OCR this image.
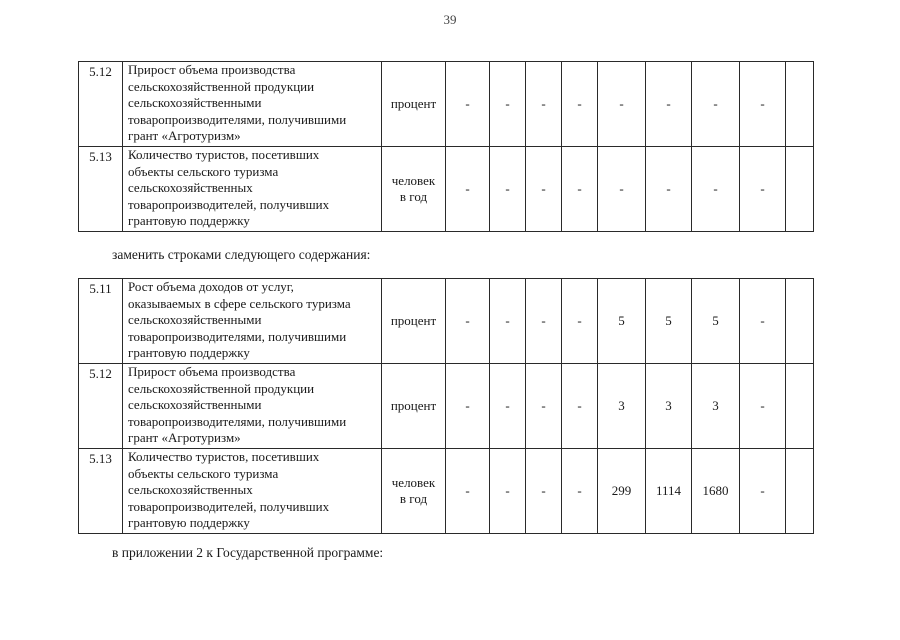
39
5.12	Прирост объема производства
сельскохозяйственной продукции
сельскохозяйственными
товаропроизводителями, получившими
грант «Агротуризм»	процент	-	-	-	-	-	-	-	-	
5.13	Количество туристов, посетивших
объекты сельского туризма
сельскохозяйственных
товаропроизводителей, получивших
грантовую поддержку	человек
в год	-	-	-	-	-	-	-	-	
заменить строками следующего содержания:
5.11	Рост объема доходов от услуг,
оказываемых в сфере сельского туризма
сельскохозяйственными
товаропроизводителями, получившими
грантовую поддержку	процент	-	-	-	-	5	5	5	-	
5.12	Прирост объема производства
сельскохозяйственной продукции
сельскохозяйственными
товаропроизводителями, получившими
грант «Агротуризм»	процент	-	-	-	-	3	3	3	-	
5.13	Количество туристов, посетивших
объекты сельского туризма
сельскохозяйственных
товаропроизводителей, получивших
грантовую поддержку	человек
в год	-	-	-	-	299	1114	1680	-	
в приложении 2 к Государственной программе:
